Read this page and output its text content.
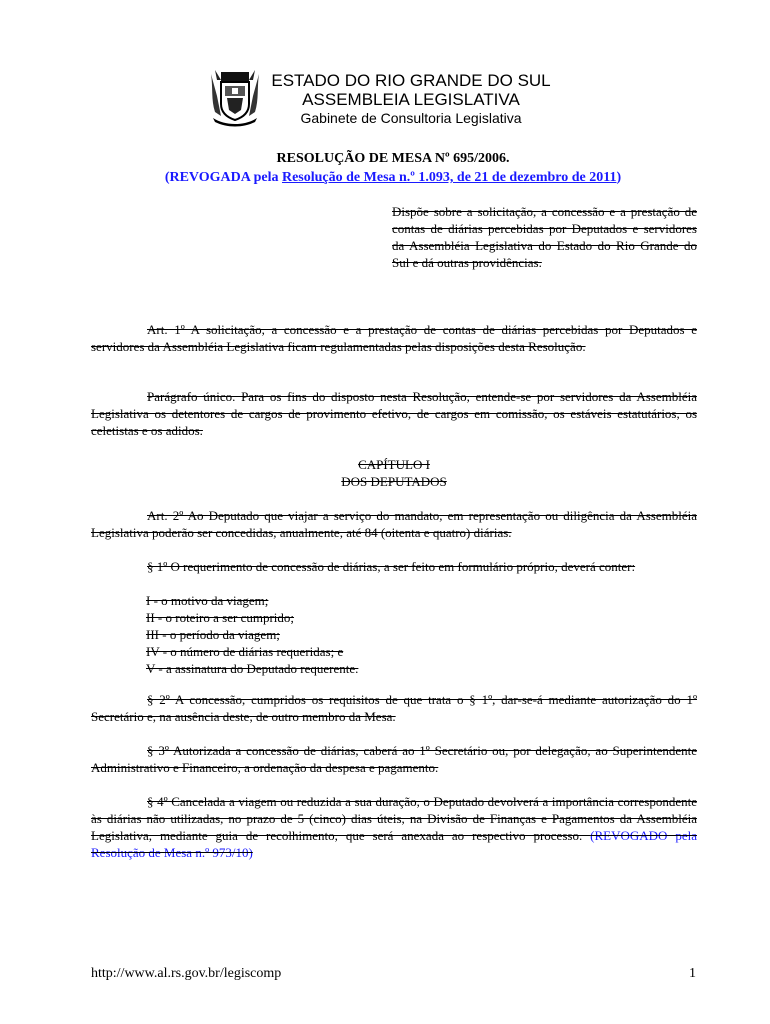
ESTADO DO RIO GRANDE DO SUL
ASSEMBLEIA LEGISLATIVA
Gabinete de Consultoria Legislativa
RESOLUÇÃO DE MESA Nº 695/2006.
(REVOGADA pela Resolução de Mesa n.º 1.093, de 21 de dezembro de 2011)
Dispõe sobre a solicitação, a concessão e a prestação de contas de diárias percebidas por Deputados e servidores da Assembléia Legislativa do Estado do Rio Grande do Sul e dá outras providências.
Art. 1º A solicitação, a concessão e a prestação de contas de diárias percebidas por Deputados e servidores da Assembléia Legislativa ficam regulamentadas pelas disposições desta Resolução.
Parágrafo único. Para os fins do disposto nesta Resolução, entende-se por servidores da Assembléia Legislativa os detentores de cargos de provimento efetivo, de cargos em comissão, os estáveis estatutários, os celetistas e os adidos.
CAPÍTULO I
DOS DEPUTADOS
Art. 2º Ao Deputado que viajar a serviço do mandato, em representação ou diligência da Assembléia Legislativa poderão ser concedidas, anualmente, até 84 (oitenta e quatro) diárias.
§ 1º O requerimento de concessão de diárias, a ser feito em formulário próprio, deverá conter:
I - o motivo da viagem;
II - o roteiro a ser cumprido;
III - o período da viagem;
IV - o número de diárias requeridas; e
V - a assinatura do Deputado requerente.
§ 2º A concessão, cumpridos os requisitos de que trata o § 1º, dar-se-á mediante autorização do 1º Secretário e, na ausência deste, de outro membro da Mesa.
§ 3º Autorizada a concessão de diárias, caberá ao 1º Secretário ou, por delegação, ao Superintendente Administrativo e Financeiro, a ordenação da despesa e pagamento.
§ 4º Cancelada a viagem ou reduzida a sua duração, o Deputado devolverá a importância correspondente às diárias não utilizadas, no prazo de 5 (cinco) dias úteis, na Divisão de Finanças e Pagamentos da Assembléia Legislativa, mediante guia de recolhimento, que será anexada ao respectivo processo. (REVOGADO pela Resolução de Mesa n.º 973/10)
http://www.al.rs.gov.br/legiscomp	1
